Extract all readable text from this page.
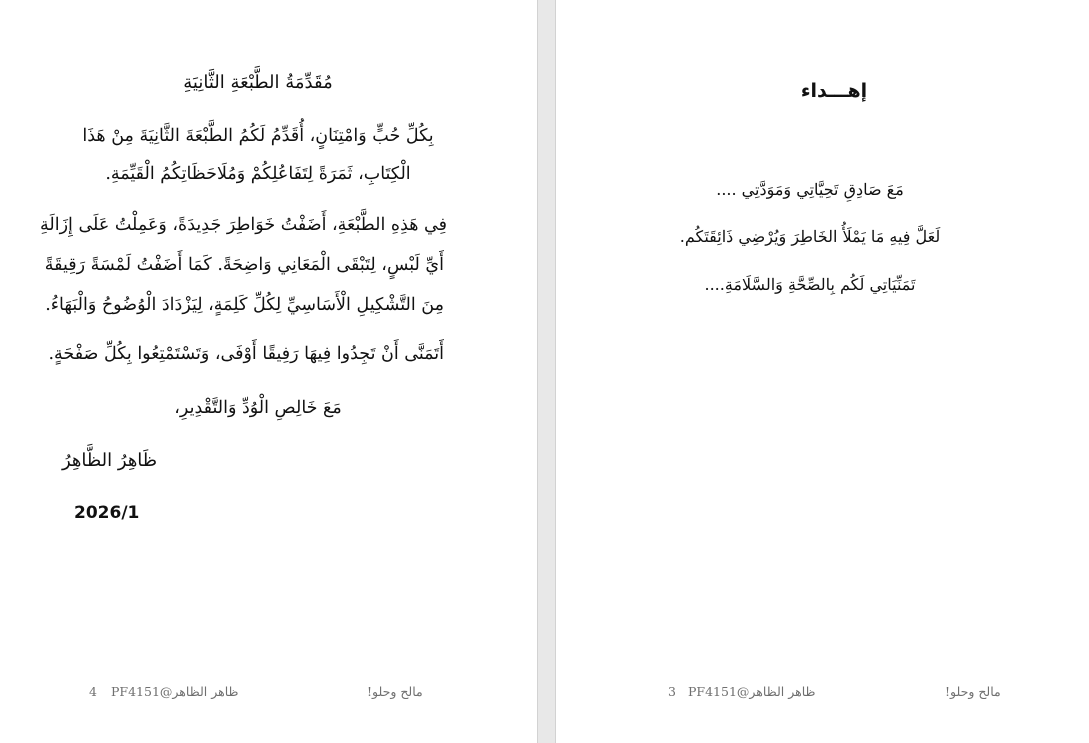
مُقَدِّمَةُ الطَّبْعَةِ الثَّانِيَةِ
بِكُلِّ حُبٍّ وَامْتِنَانٍ، أُقَدِّمُ لَكُمُ الطَّبْعَةَ الثَّانِيَةَ مِنْ هَذَا
الْكِتَابِ، ثَمَرَةً لِتَفَاعُلِكُمْ وَمُلَاحَظَاتِكُمُ الْقَيِّمَةِ.
فِي هَذِهِ الطَّبْعَةِ، أَضَفْتُ خَوَاطِرَ جَدِيدَةً، وَعَمِلْتُ عَلَى إِزَالَةِ
أَيِّ لَبْسٍ، لِتَبْقَى الْمَعَانِي وَاضِحَةً. كَمَا أَضَفْتُ لَمْسَةً رَقِيقَةً
مِنَ التَّشْكِيلِ الْأَسَاسِيِّ لِكُلِّ كَلِمَةٍ، لِيَزْدَادَ الْوُضُوحُ وَالْبَهَاءُ.
أَتَمَنَّى أَنْ تَجِدُوا فِيهَا رَفِيقًا أَوْفَى، وَتَسْتَمْتِعُوا بِكُلِّ صَفْحَةٍ.
مَعَ خَالِصِ الْوُدِّ وَالتَّقْدِيرِ،
ظَاهِرُ الظَّاهِرُ
2026/1
مالح وحلو!
ظاهر الظاهر@PF4151
4
إهـــداء
مَعَ صَادِقِ تَحِيَّاتِي وَمَوَدَّتِي ....
لَعَلَّ فِيهِ مَا يَمْلَأُ الخَاطِرَ وَيُرْضِي ذَائِقَتَكُم.
تَمَنِّيَاتِي لَكُم بِالصِّحَّةِ وَالسَّلَامَةِ....
مالح وحلو!
ظاهر الظاهر@PF4151
3
